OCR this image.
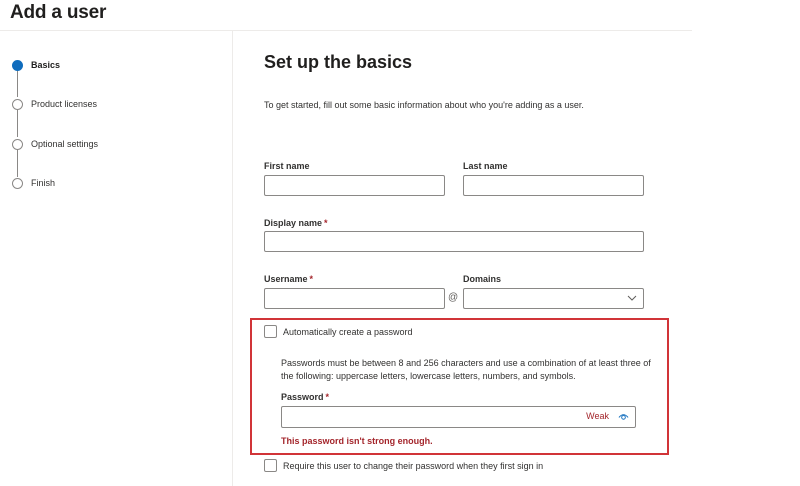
Add a user
Basics
Product licenses
Optional settings
Finish
Set up the basics
To get started, fill out some basic information about who you're adding as a user.
First name	Last name
Display name *
Username *
@
Domains
Automatically create a password
Passwords must be between 8 and 256 characters and use a combination of at least three of the following: uppercase letters, lowercase letters, numbers, and symbols.
Password *
Weak
This password isn't strong enough.
Require this user to change their password when they first sign in
